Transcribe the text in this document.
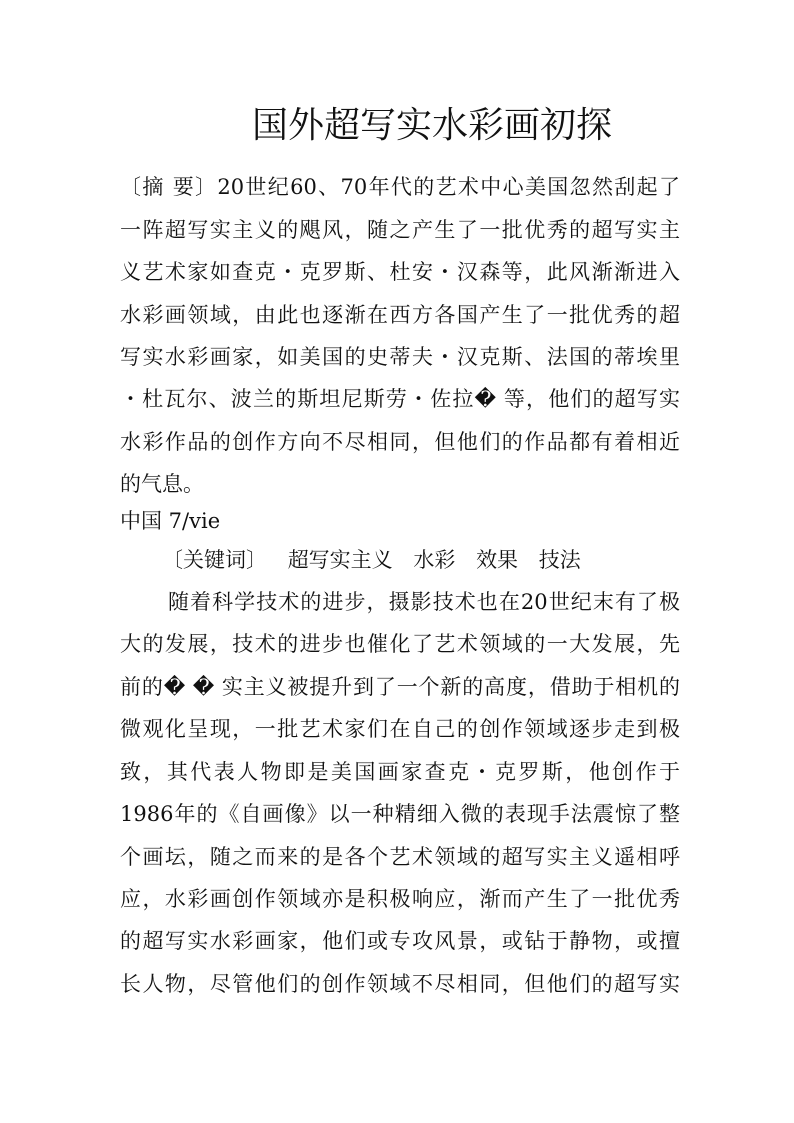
国外超写实水彩画初探
〔摘 要〕20世纪60、70年代的艺术中心美国忽然刮起了
一阵超写实主义的飓风，随之产生了一批优秀的超写实主
义艺术家如查克・克罗斯、杜安・汉森等，此风渐渐进入
水彩画领域，由此也逐渐在西方各国产生了一批优秀的超
写实水彩画家，如美国的史蒂夫・汉克斯、法国的蒂埃里
・杜瓦尔、波兰的斯坦尼斯劳・佐拉� 等，他们的超写实
水彩作品的创作方向不尽相同，但他们的作品都有着相近
的气息。
中国 7/vie
〔关键词〕 超写实主义 水彩 效果 技法
随着科学技术的进步，摄影技术也在20世纪末有了极
大的发展，技术的进步也催化了艺术领域的一大发展，先
前的� � 实主义被提升到了一个新的高度，借助于相机的
微观化呈现，一批艺术家们在自己的创作领域逐步走到极
致，其代表人物即是美国画家查克・克罗斯，他创作于
1986年的《自画像》以一种精细入微的表现手法震惊了整
个画坛，随之而来的是各个艺术领域的超写实主义遥相呼
应，水彩画创作领域亦是积极响应，渐而产生了一批优秀
的超写实水彩画家，他们或专攻风景，或钻于静物，或擅
长人物，尽管他们的创作领域不尽相同，但他们的超写实
